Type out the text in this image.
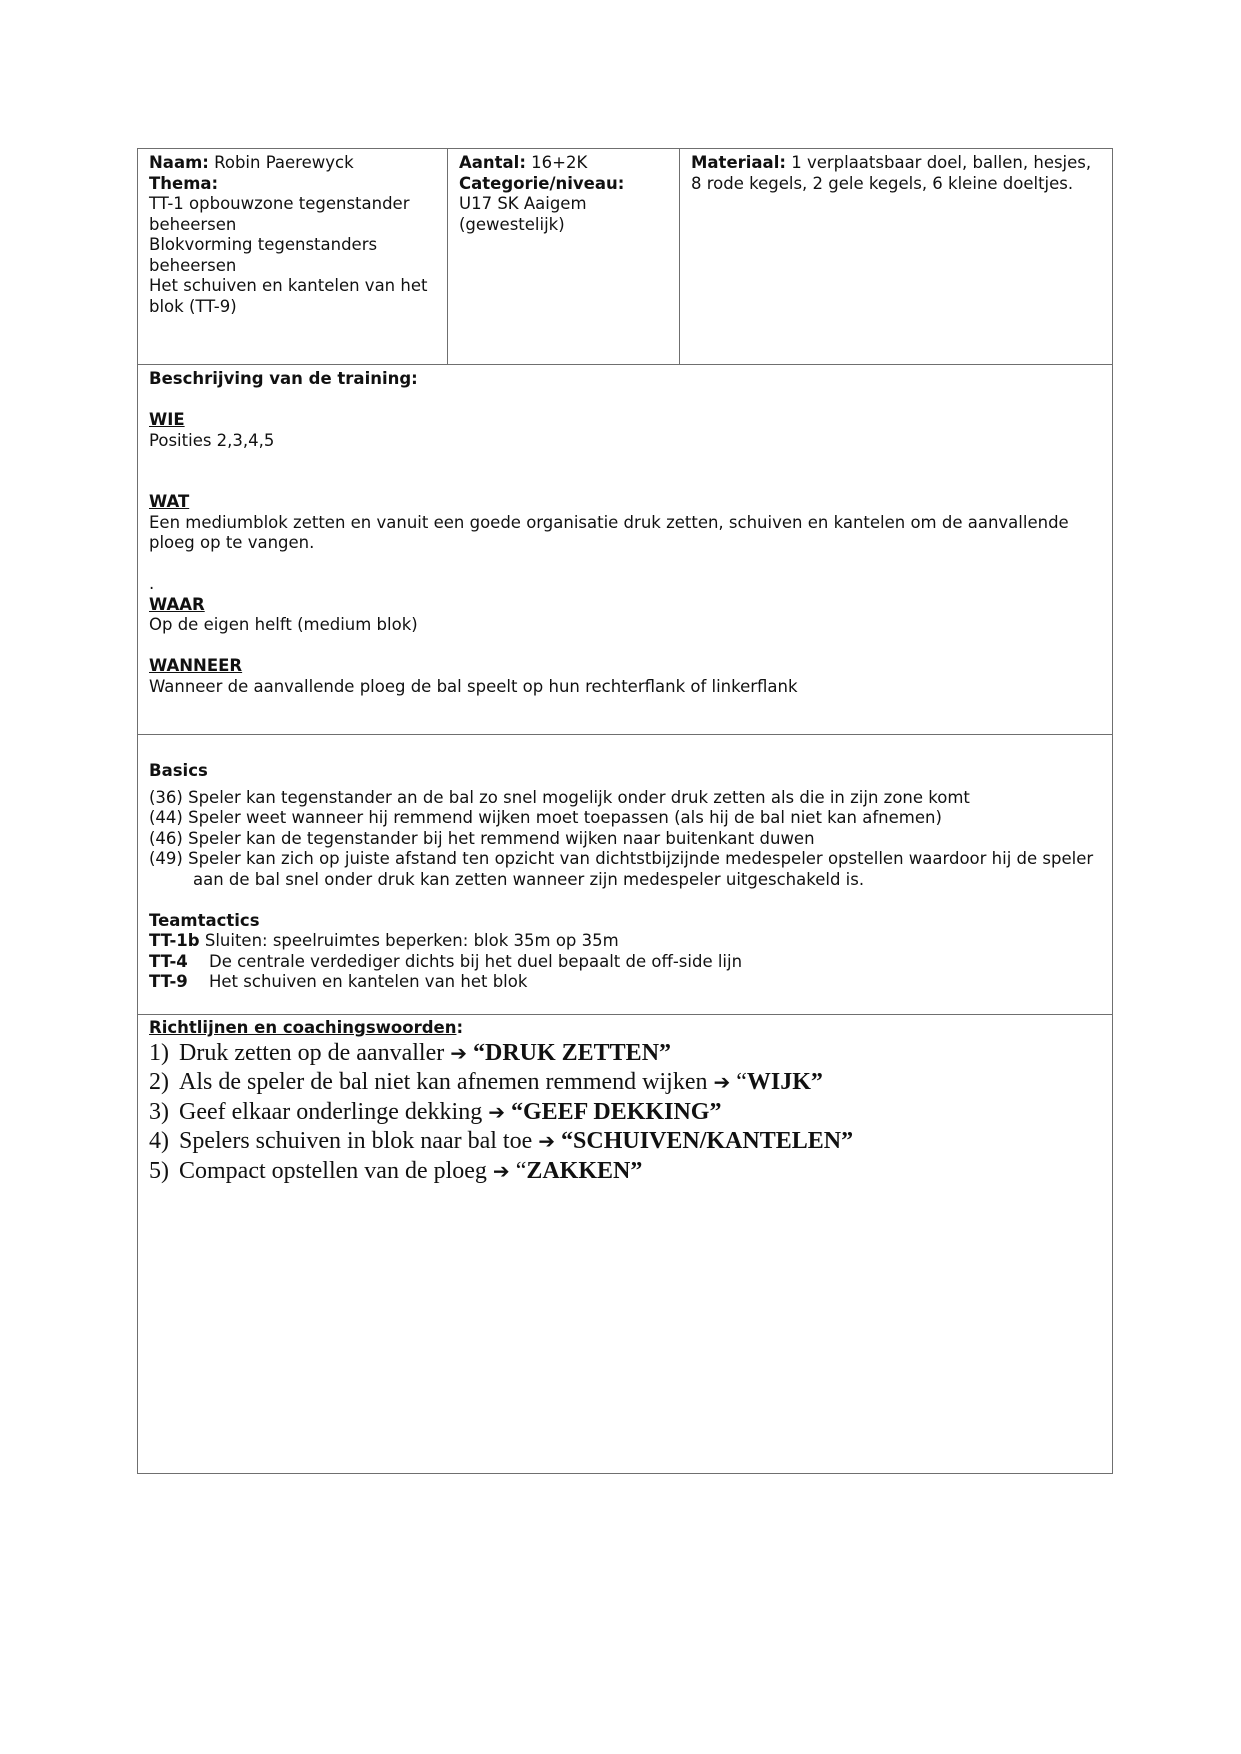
Naam: Robin Paerewyck
Thema:
TT-1 opbouwzone tegenstander
beheersen
Blokvorming tegenstanders
beheersen
Het schuiven en kantelen van het
blok (TT-9)
Aantal: 16+2K
Categorie/niveau:
U17 SK Aaigem
(gewestelijk)
Materiaal: 1 verplaatsbaar doel, ballen, hesjes, 8 rode kegels, 2 gele kegels, 6 kleine doeltjes.
Beschrijving van de training:
WIE
Posities 2,3,4,5
WAT
Een mediumblok zetten en vanuit een goede organisatie druk zetten, schuiven en kantelen om de aanvallende ploeg op te vangen.
.
WAAR
Op de eigen helft (medium blok)
WANNEER
Wanneer de aanvallende ploeg de bal speelt op hun rechterflank of linkerflank
Basics
(36) Speler kan tegenstander an de bal zo snel mogelijk onder druk zetten als die in zijn zone komt
(44) Speler weet wanneer hij remmend wijken moet toepassen (als hij de bal niet kan afnemen)
(46) Speler kan de tegenstander bij het remmend wijken naar buitenkant duwen
(49) Speler kan zich op juiste afstand ten opzicht van dichtstbijzijnde medespeler opstellen waardoor hij de speler aan de bal snel onder druk kan zetten wanneer zijn medespeler uitgeschakeld is.
Teamtactics
TT-1b Sluiten: speelruimtes beperken: blok 35m op 35m
TT-4	De centrale verdediger dichts bij het duel bepaalt de off-side lijn
TT-9	Het schuiven en kantelen van het blok
Richtlijnen en coachingswoorden:
1) Druk zetten op de aanvaller ➔ “ DRUK ZETTEN ”
2) Als de speler de bal niet kan afnemen remmend wijken ➔ “ WIJK ”
3) Geef elkaar onderlinge dekking ➔ “ GEEF DEKKING ”
4) Spelers schuiven in blok naar bal toe ➔ “ SCHUIVEN/KANTELEN ”
5) Compact opstellen van de ploeg ➔ “ ZAKKEN ”
